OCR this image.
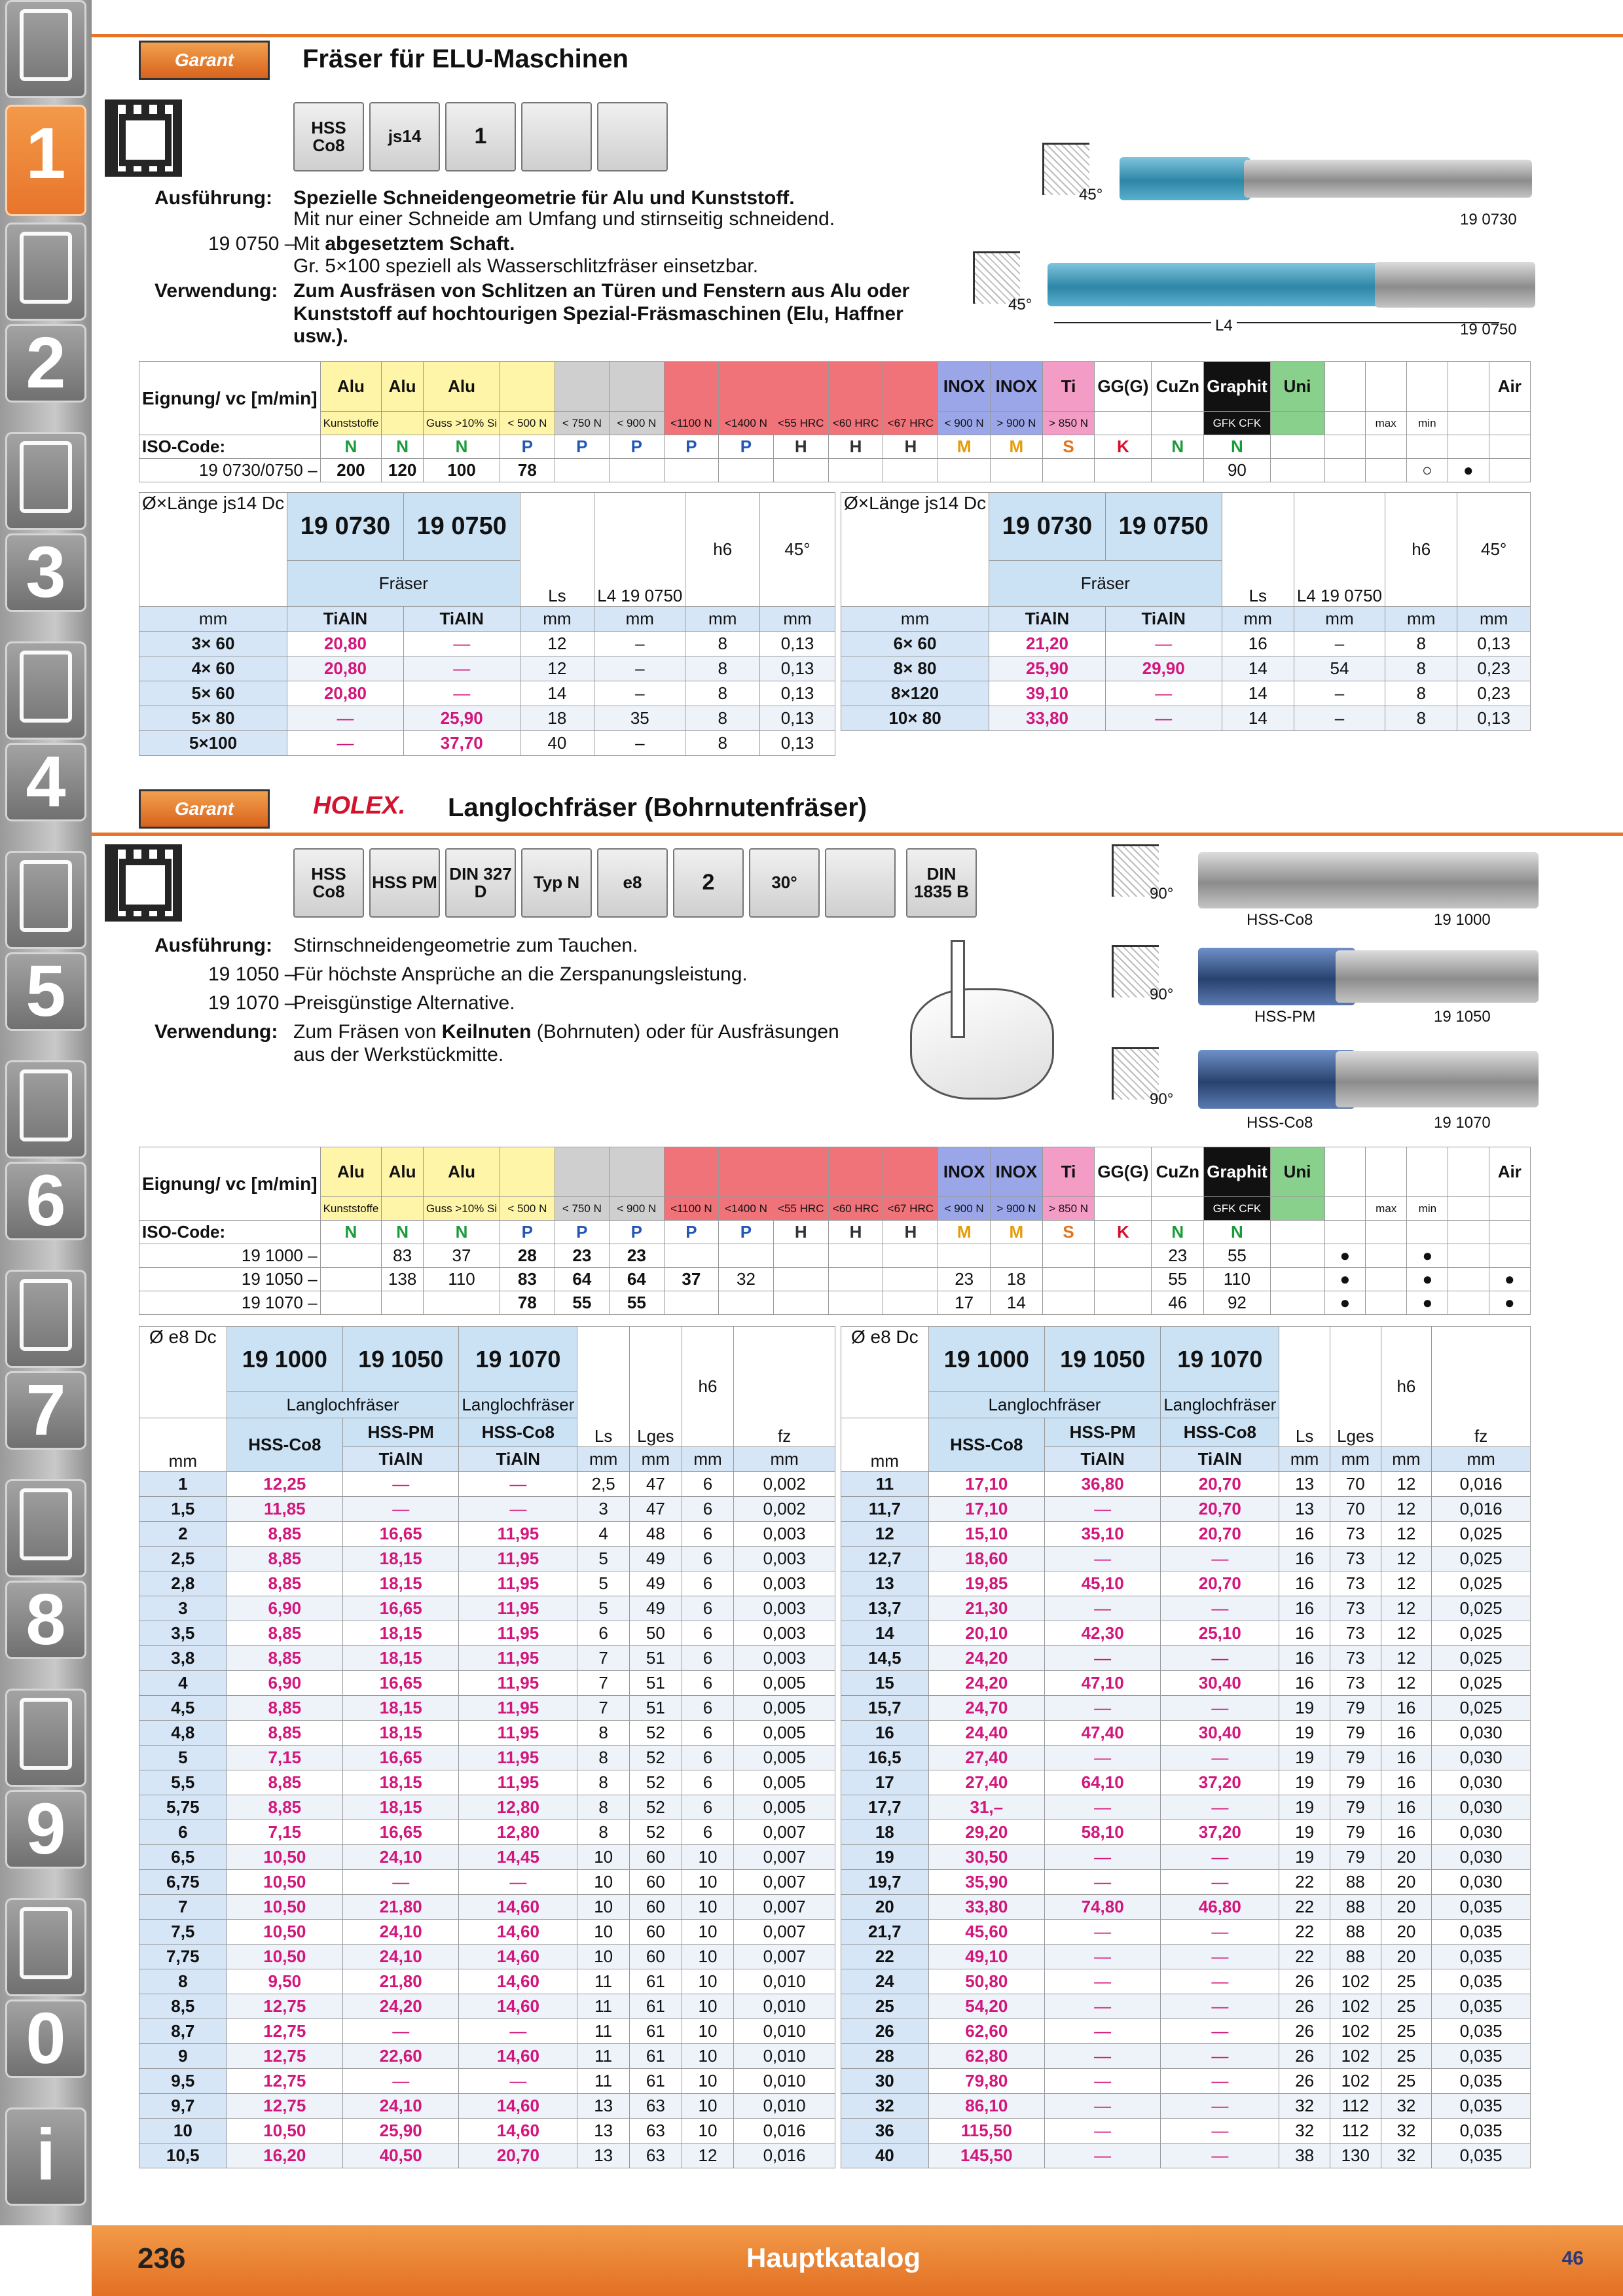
1
2
3
4
5
6
7
8
9
0
i
Garant	Fräser für ELU-Maschinen
HSS Co8	js14	1
Ausführung: Spezielle Schneidengeometrie für Alu und Kunststoff.
Mit nur einer Schneide am Umfang und stirnseitig schneidend.
19 0750 –
Mit abgesetztem Schaft.
Gr. 5×100 speziell als Wasserschlitzfräser einsetzbar.
Verwendung: Zum Ausfräsen von Schlitzen an Türen und Fenstern aus Alu oder Kunststoff auf hochtourigen Spezial-Fräsmaschinen (Elu, Haffner usw.).
45°
19 0730
45°
L4	19 0750
Eignung/ vc [m/min]	Alu	Alu	Alu									INOX	INOX	Ti	GG(G)	CuZn	Graphit	Uni					Air
	Kunststoffe		Guss >10% Si	< 500 N	< 750 N	< 900 N	<1100 N	<1400 N	<55 HRC	<60 HRC	<67 HRC	< 900 N	> 900 N	> 850 N			GFK CFK			max	min		
ISO-Code:	N	N	N	P	P	P	P	P	H	H	H	M	M	S	K	N	N						
19 0730/0750 –	200	120	100	78													90				○	●	
Ø×Länge js14 Dc	19 0730	19 0750	Ls	L4 19 0750	h6	45°
	Fräser					
mm	TiAlN	TiAlN	mm	mm	mm	mm
3× 60	20,80	—	12	–	8	0,13
4× 60	20,80	—	12	–	8	0,13
5× 60	20,80	—	14	–	8	0,13
5× 80	—	25,90	18	35	8	0,13
5×100	—	37,70	40	–	8	0,13
Ø×Länge js14 Dc	19 0730	19 0750	Ls	L4 19 0750	h6	45°
	Fräser					
mm	TiAlN	TiAlN	mm	mm	mm	mm
6× 60	21,20	—	16	–	8	0,13
8× 80	25,90	29,90	14	54	8	0,23
8×120	39,10	—	14	–	8	0,23
10× 80	33,80	—	14	–	8	0,13
Garant	HOLEX. Langlochfräser (Bohrnutenfräser)
HSS Co8	HSS PM DIN 327 D	Typ N	e8	2	30°	DIN 1835 B
Ausführung: Stirnschneidengeometrie zum Tauchen.
19 1050 –
Für höchste Ansprüche an die Zerspanungsleistung.
19 1070 –
Preisgünstige Alternative.
Verwendung: Zum Fräsen von Keilnuten (Bohrnuten) oder für Ausfräsungen aus der Werkstückmitte.
90°
HSS-Co8	19 1000
90°
HSS-PM	19 1050
90°
HSS-Co8	19 1070
Eignung/ vc [m/min]	Alu	Alu	Alu									INOX	INOX	Ti	GG(G)	CuZn	Graphit	Uni					Air
	Kunststoffe		Guss >10% Si	< 500 N	< 750 N	< 900 N	<1100 N	<1400 N	<55 HRC	<60 HRC	<67 HRC	< 900 N	> 900 N	> 850 N			GFK CFK			max	min		
ISO-Code:	N	N	N	P	P	P	P	P	H	H	H	M	M	S	K	N	N						
19 1000 –		83	37	28	23	23										23	55		●		●		
19 1050 –		138	110	83	64	64	37	32				23	18			55	110		●		●		●
19 1070 –				78	55	55						17	14			46	92		●		●		●
Ø e8 Dc	19 1000	19 1050	19 1070	Ls	Lges	h6	fz
	Langlochfräser		Langlochfräser				
mm	HSS-Co8	HSS-PM	HSS-Co8				
		TiAlN	TiAlN	mm	mm	mm	mm
1	12,25	—	—	2,5	47	6	0,002
1,5	11,85	—	—	3	47	6	0,002
2	8,85	16,65	11,95	4	48	6	0,003
2,5	8,85	18,15	11,95	5	49	6	0,003
2,8	8,85	18,15	11,95	5	49	6	0,003
3	6,90	16,65	11,95	5	49	6	0,003
3,5	8,85	18,15	11,95	6	50	6	0,003
3,8	8,85	18,15	11,95	7	51	6	0,003
4	6,90	16,65	11,95	7	51	6	0,005
4,5	8,85	18,15	11,95	7	51	6	0,005
4,8	8,85	18,15	11,95	8	52	6	0,005
5	7,15	16,65	11,95	8	52	6	0,005
5,5	8,85	18,15	11,95	8	52	6	0,005
5,75	8,85	18,15	12,80	8	52	6	0,005
6	7,15	16,65	12,80	8	52	6	0,007
6,5	10,50	24,10	14,45	10	60	10	0,007
6,75	10,50	—	—	10	60	10	0,007
7	10,50	21,80	14,60	10	60	10	0,007
7,5	10,50	24,10	14,60	10	60	10	0,007
7,75	10,50	24,10	14,60	10	60	10	0,007
8	9,50	21,80	14,60	11	61	10	0,010
8,5	12,75	24,20	14,60	11	61	10	0,010
8,7	12,75	—	—	11	61	10	0,010
9	12,75	22,60	14,60	11	61	10	0,010
9,5	12,75	—	—	11	61	10	0,010
9,7	12,75	24,10	14,60	13	63	10	0,010
10	10,50	25,90	14,60	13	63	10	0,016
10,5	16,20	40,50	20,70	13	63	12	0,016
Ø e8 Dc	19 1000	19 1050	19 1070	Ls	Lges	h6	fz
	Langlochfräser		Langlochfräser				
mm	HSS-Co8	HSS-PM	HSS-Co8				
		TiAlN	TiAlN	mm	mm	mm	mm
11	17,10	36,80	20,70	13	70	12	0,016
11,7	17,10	—	20,70	13	70	12	0,016
12	15,10	35,10	20,70	16	73	12	0,025
12,7	18,60	—	—	16	73	12	0,025
13	19,85	45,10	20,70	16	73	12	0,025
13,7	21,30	—	—	16	73	12	0,025
14	20,10	42,30	25,10	16	73	12	0,025
14,5	24,20	—	—	16	73	12	0,025
15	24,20	47,10	30,40	16	73	12	0,025
15,7	24,70	—	—	19	79	16	0,025
16	24,40	47,40	30,40	19	79	16	0,030
16,5	27,40	—	—	19	79	16	0,030
17	27,40	64,10	37,20	19	79	16	0,030
17,7	31,–	—	—	19	79	16	0,030
18	29,20	58,10	37,20	19	79	16	0,030
19	30,50	—	—	19	79	20	0,030
19,7	35,90	—	—	22	88	20	0,030
20	33,80	74,80	46,80	22	88	20	0,035
21,7	45,60	—	—	22	88	20	0,035
22	49,10	—	—	22	88	20	0,035
24	50,80	—	—	26	102	25	0,035
25	54,20	—	—	26	102	25	0,035
26	62,60	—	—	26	102	25	0,035
28	62,80	—	—	26	102	25	0,035
30	79,80	—	—	26	102	25	0,035
32	86,10	—	—	32	112	32	0,035
36	115,50	—	—	32	112	32	0,035
40	145,50	—	—	38	130	32	0,035
236	Hauptkatalog	46
